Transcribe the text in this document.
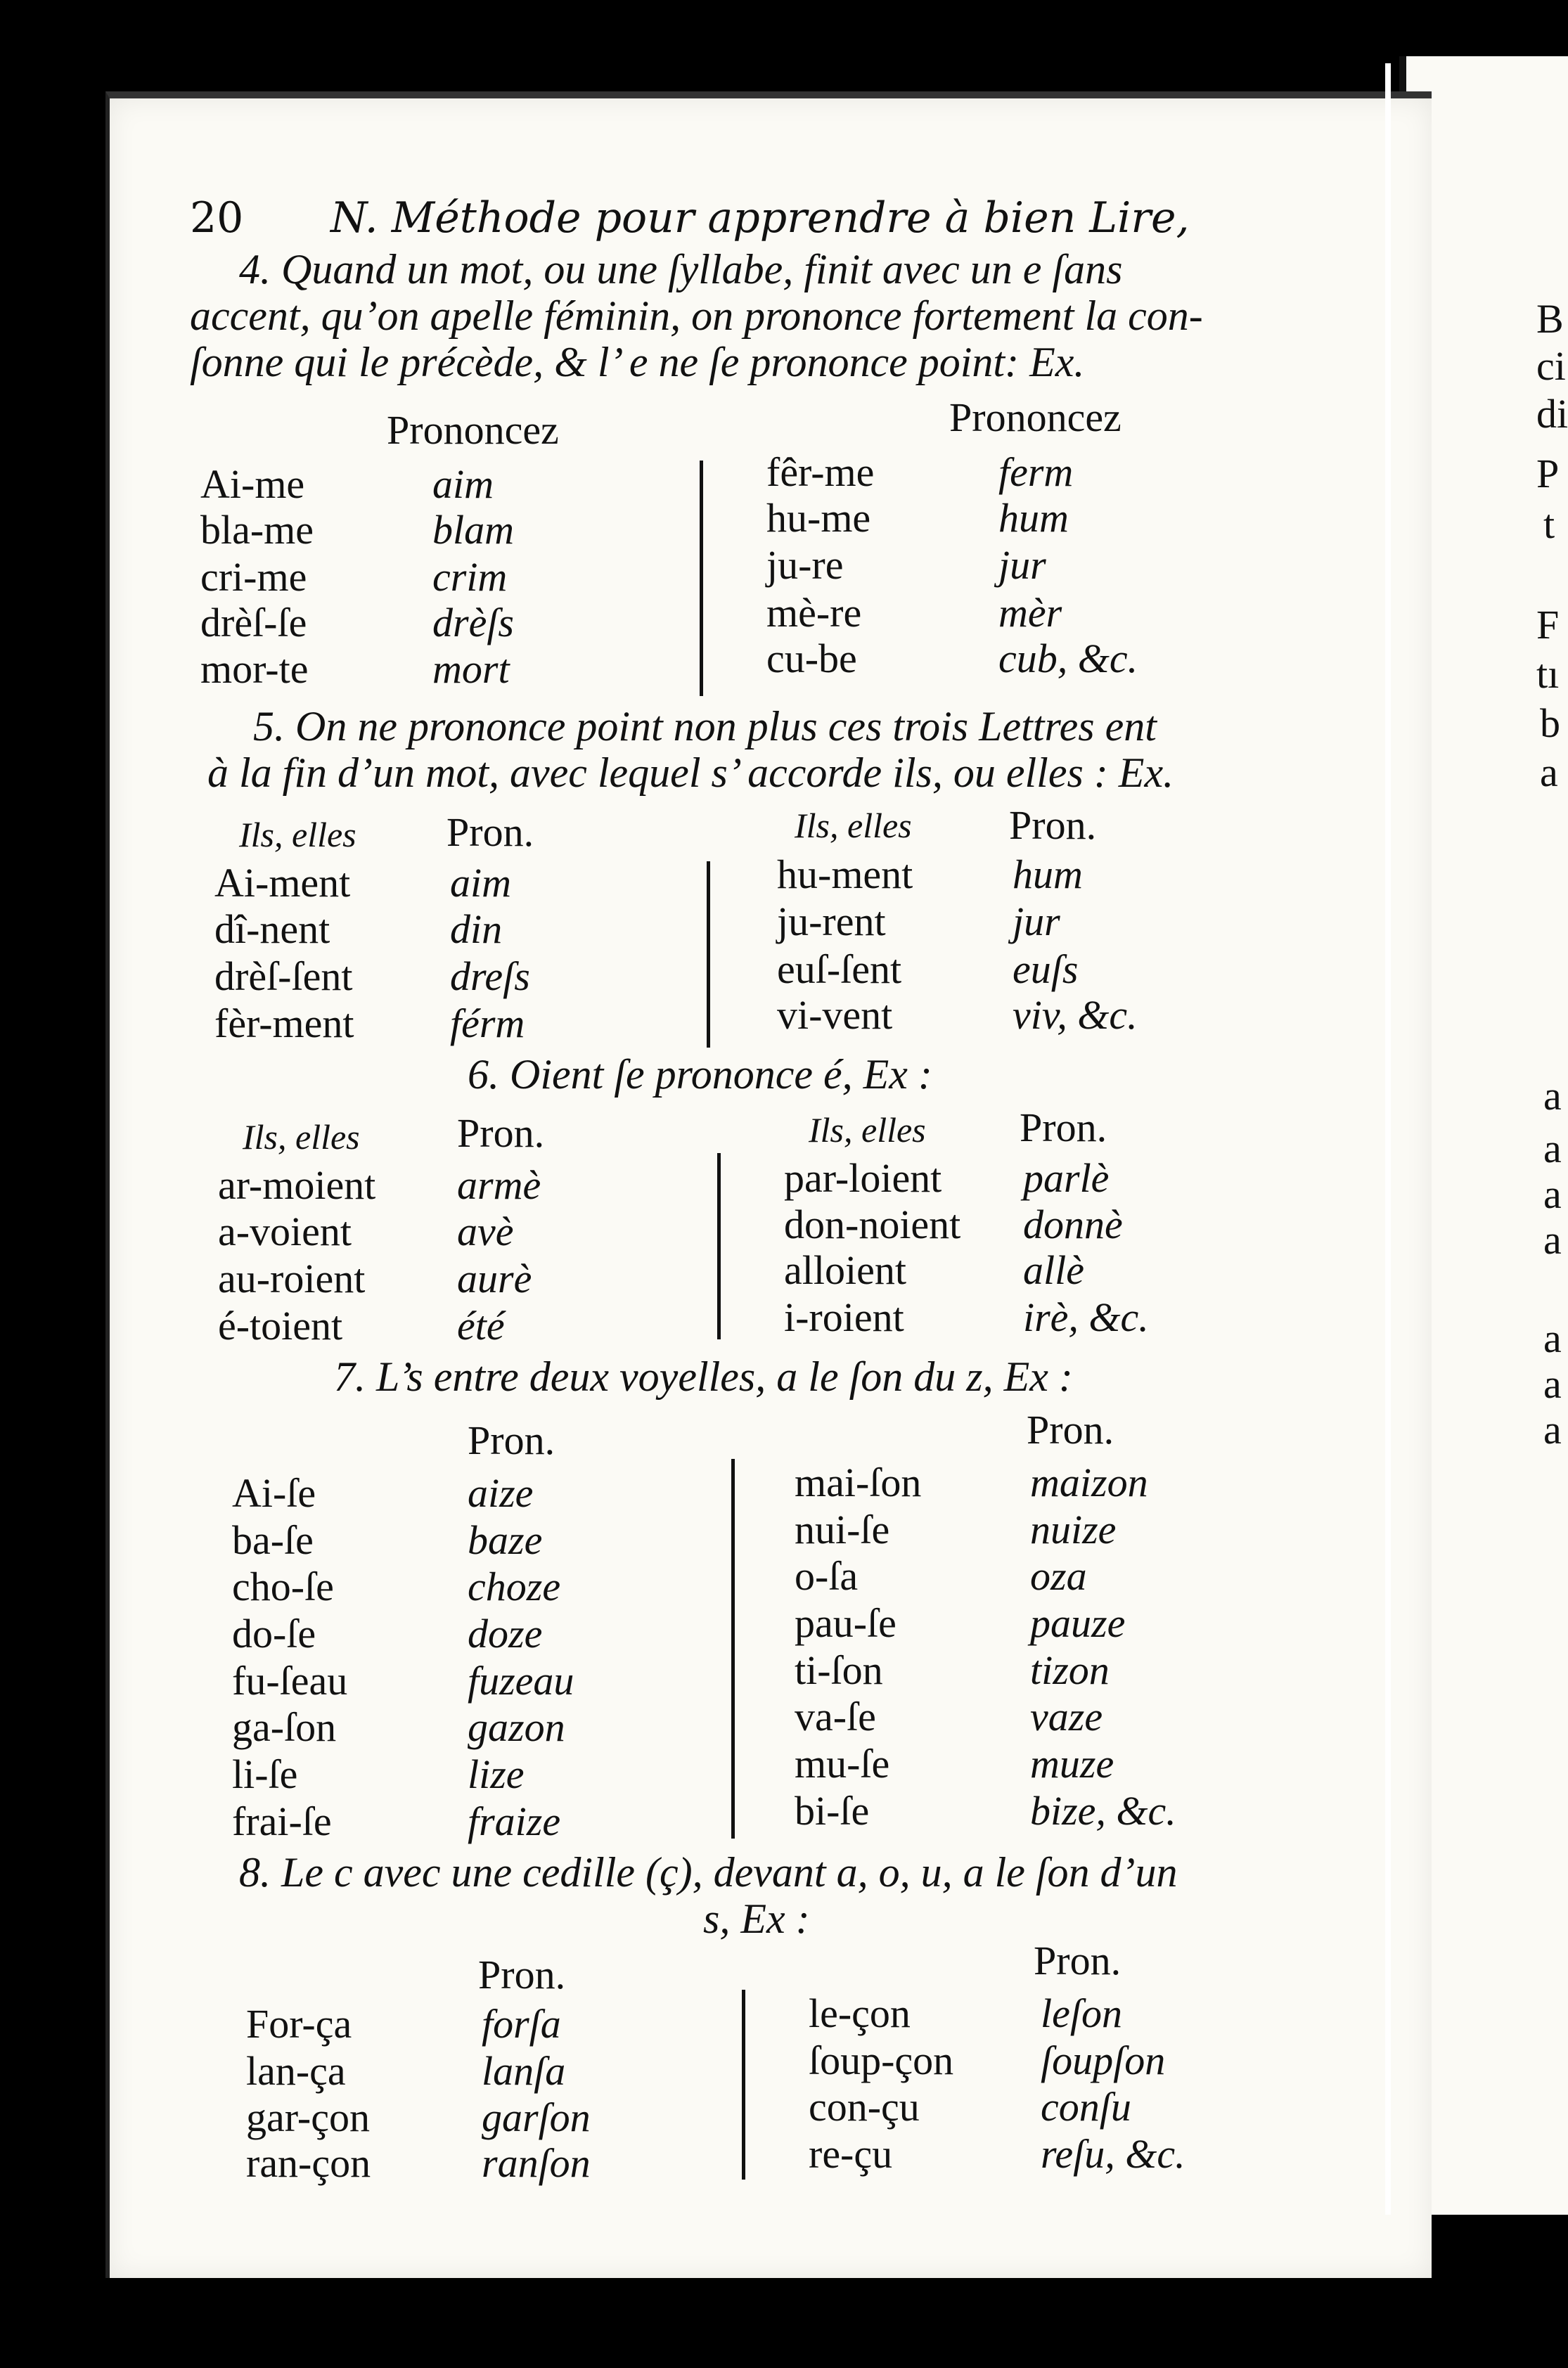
B
ci
di
P
t
F
tı
b
a
a
a
a
a
a
a
a
20 N. Méthode pour apprendre à bien Lire,
4. Quand un mot, ou une ſyllabe, finit avec un e ſans
accent, qu’on apelle féminin, on prononce fortement la con-
ſonne qui le précède, & l’ e ne ſe prononce point: Ex.
Prononcez	Prononcez
Ai-me	aim
bla-me	blam
cri-me	crim
drèſ-ſe	drèſs
mor-te	mort
fêr-me	ferm
hu-me	hum
ju-re	jur
mè-re	mèr
cu-be	cub, &c.
5. On ne prononce point non plus ces trois Lettres ent
à la fin d’un mot, avec lequel s’ accorde ils, ou elles : Ex.
Ils, elles Pron.	Ils, elles Pron.
Ai-ment aim
dî-nent	din
drèſ-ſent dreſs
fèr-ment férm
hu-ment hum
ju-rent	jur
euſ-ſent	euſs
vi-vent	viv, &c.
6. Oient ſe prononce é, Ex :
Ils, elles Pron.	Ils, elles Pron.
ar-moient armè
a-voient	avè
au-roient aurè
é-toient	été
par-loient parlè
don-noient donnè
alloient	allè
i-roient	irè, &c.
7. L’s entre deux voyelles, a le ſon du z, Ex :
Pron.	Pron.
Ai-ſe	aize
ba-ſe	baze
cho-ſe	choze
do-ſe	doze
fu-ſeau	fuzeau
ga-ſon	gazon
li-ſe	lize
frai-ſe	fraize
mai-ſon	maizon
nui-ſe	nuize
o-ſa	oza
pau-ſe	pauze
ti-ſon	tizon
va-ſe	vaze
mu-ſe	muze
bi-ſe	bize, &c.
8. Le c avec une cedille (ç), devant a, o, u, a le ſon d’un
s, Ex :
Pron.	Pron.
For-ça	forſa
lan-ça	lanſa
gar-çon	garſon
ran-çon	ranſon
le-çon	leſon
ſoup-çon ſoupſon
con-çu	conſu
re-çu	reſu, &c.
